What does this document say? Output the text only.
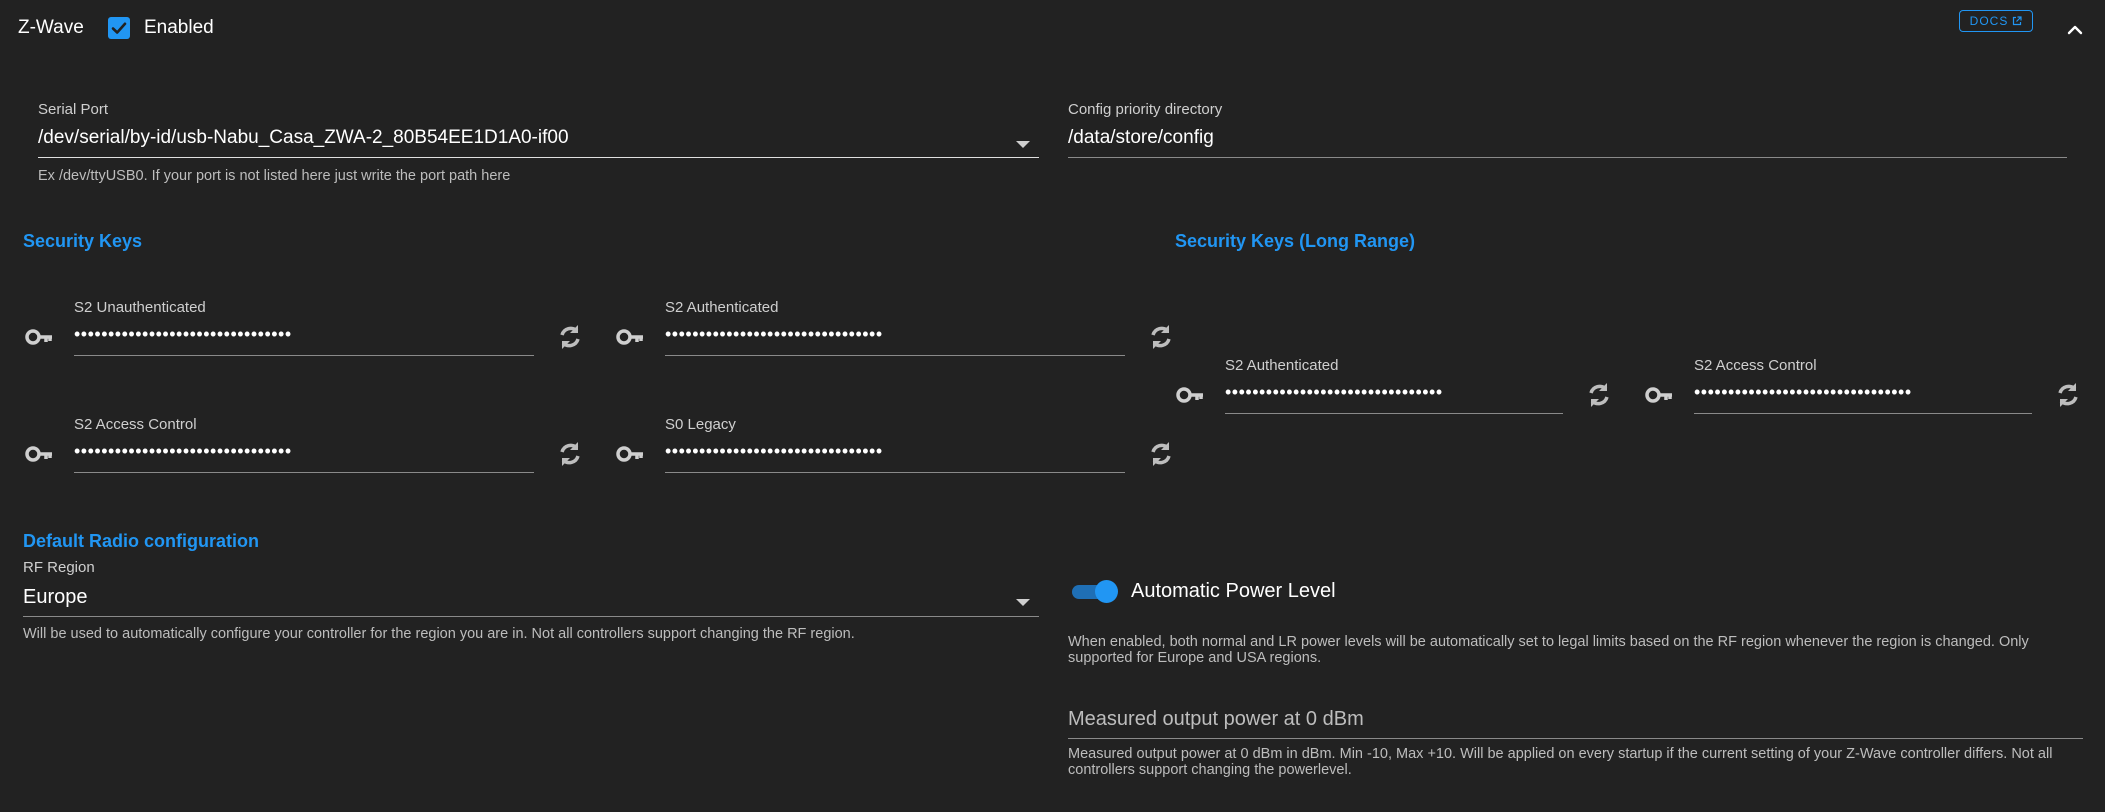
Z-Wave	Enabled	DOCS
Serial Port
/dev/serial/by-id/usb-Nabu_Casa_ZWA-2_80B54EE1D1A0-if00
Ex /dev/ttyUSB0. If your port is not listed here just write the port path here
Config priority directory
/data/store/config
Security Keys
S2 Unauthenticated
••••••••••••••••••••••••••••••••
S2 Authenticated
••••••••••••••••••••••••••••••••
S2 Access Control
••••••••••••••••••••••••••••••••
S0 Legacy
••••••••••••••••••••••••••••••••
Security Keys (Long Range)
S2 Authenticated
••••••••••••••••••••••••••••••••
S2 Access Control
••••••••••••••••••••••••••••••••
Default Radio configuration
RF Region
Europe
Will be used to automatically configure your controller for the region you are in. Not all controllers support changing the RF region.
Automatic Power Level
When enabled, both normal and LR power levels will be automatically set to legal limits based on the RF region whenever the region is changed. Only supported for Europe and USA regions.
Measured output power at 0 dBm
Measured output power at 0 dBm in dBm. Min -10, Max +10. Will be applied on every startup if the current setting of your Z-Wave controller differs. Not all controllers support changing the powerlevel.
